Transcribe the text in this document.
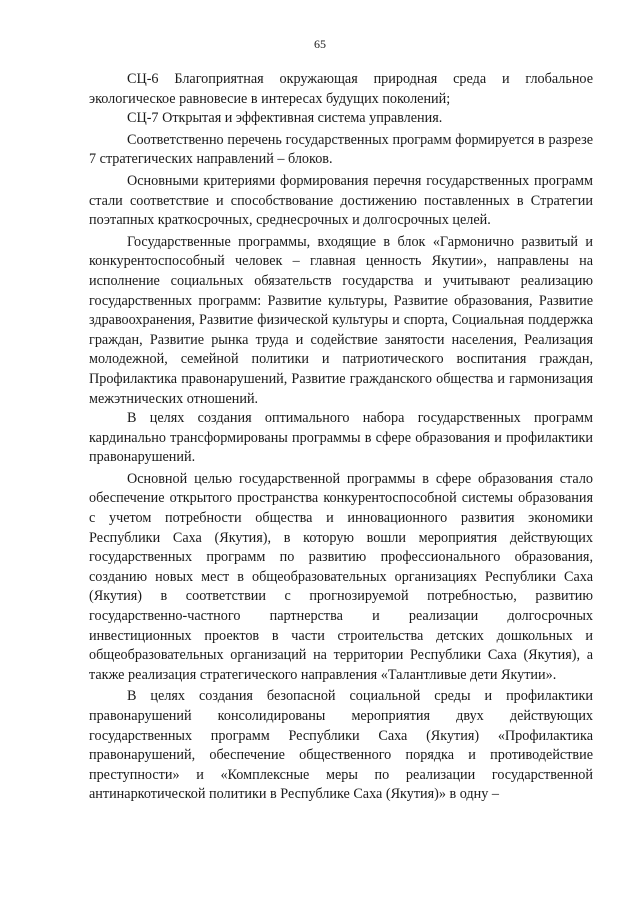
65

СЦ-6 Благоприятная окружающая природная среда и глобальное экологическое равновесие в интересах будущих поколений;

СЦ-7 Открытая и эффективная система управления.

Соответственно перечень государственных программ формируется в разрезе 7 стратегических направлений – блоков.

Основными критериями формирования перечня государственных программ стали соответствие и способствование достижению поставленных в Стратегии поэтапных краткосрочных, среднесрочных и долгосрочных целей.

Государственные программы, входящие в блок «Гармонично развитый и конкурентоспособный человек – главная ценность Якутии», направлены на исполнение социальных обязательств государства и учитывают реализацию государственных программ: Развитие культуры, Развитие образования, Развитие здравоохранения, Развитие физической культуры и спорта, Социальная поддержка граждан, Развитие рынка труда и содействие занятости населения, Реализация молодежной, семейной политики и патриотического воспитания граждан, Профилактика правонарушений, Развитие гражданского общества и гармонизация межэтнических отношений.

В целях создания оптимального набора государственных программ кардинально трансформированы программы в сфере образования и профилактики правонарушений.

Основной целью государственной программы в сфере образования стало обеспечение открытого пространства конкурентоспособной системы образования с учетом потребности общества и инновационного развития экономики Республики Саха (Якутия), в которую вошли мероприятия действующих государственных программ по развитию профессионального образования, созданию новых мест в общеобразовательных организациях Республики Саха (Якутия) в соответствии с прогнозируемой потребностью, развитию государственно-частного партнерства и реализации долгосрочных инвестиционных проектов в части строительства детских дошкольных и общеобразовательных организаций на территории Республики Саха (Якутия), а также реализация стратегического направления «Талантливые дети Якутии».

В целях создания безопасной социальной среды и профилактики правонарушений консолидированы мероприятия двух действующих государственных программ Республики Саха (Якутия) «Профилактика правонарушений, обеспечение общественного порядка и противодействие преступности» и «Комплексные меры по реализации государственной антинаркотической политики в Республике Саха (Якутия)» в одну –
